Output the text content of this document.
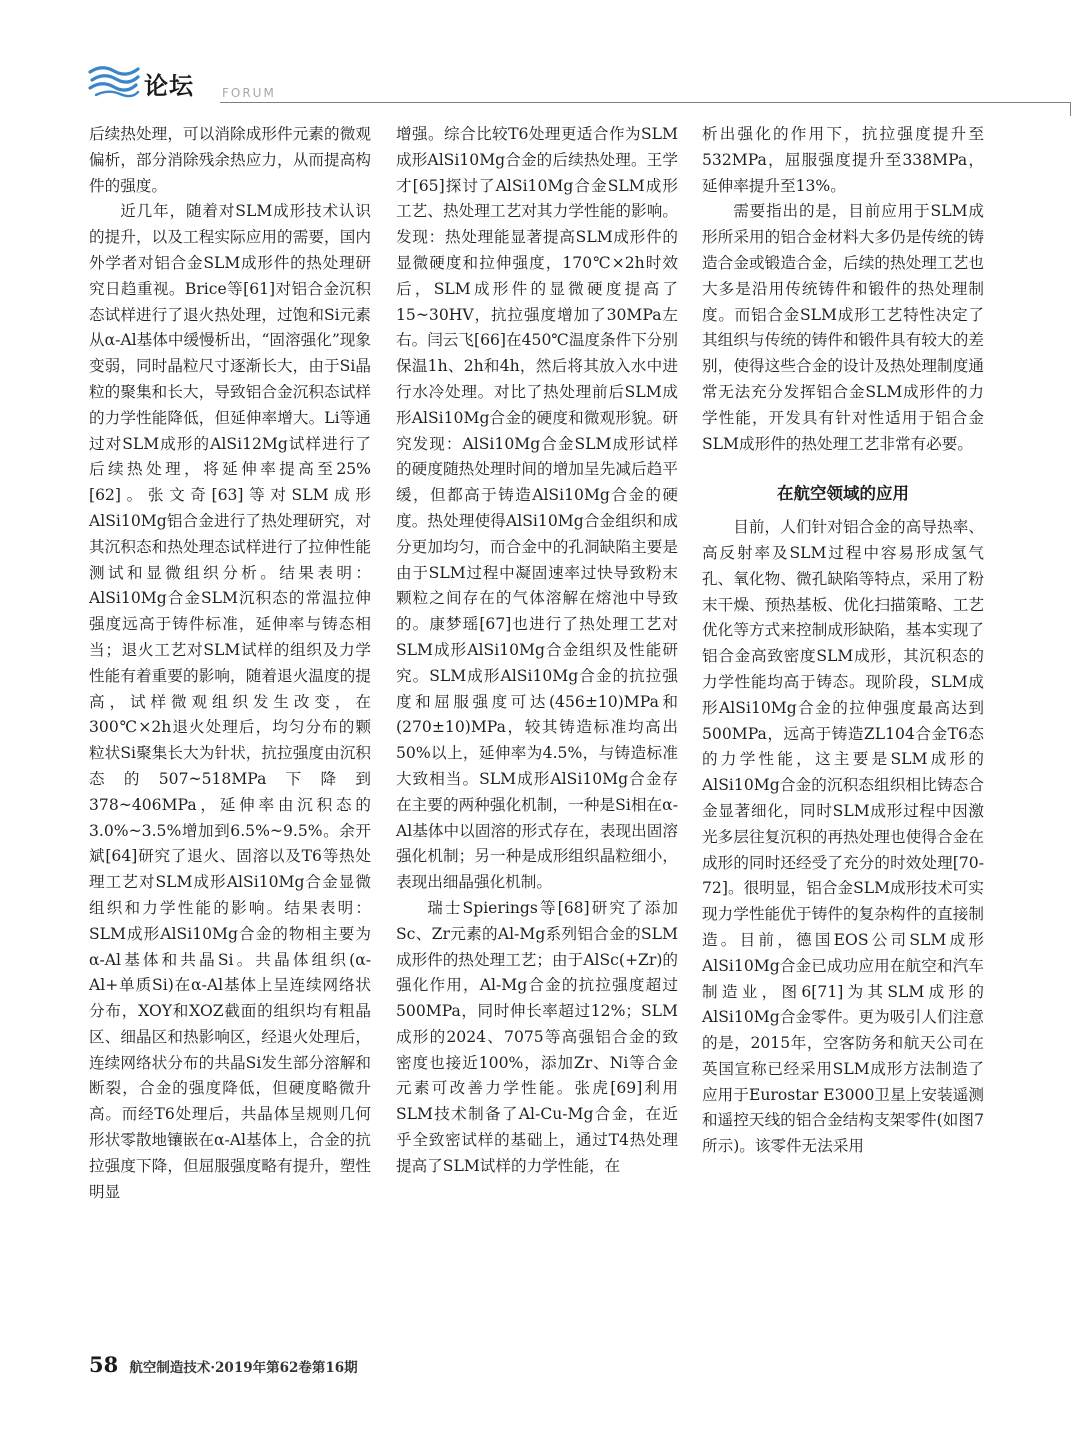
论坛 FORUM

后续热处理，可以消除成形件元素的微观偏析，部分消除残余热应力，从而提高构件的强度。

近几年，随着对SLM成形技术认识的提升，以及工程实际应用的需要，国内外学者对铝合金SLM成形件的热处理研究日趋重视。Brice等[61]对铝合金沉积态试样进行了退火热处理，过饱和Si元素从α-Al基体中缓慢析出，“固溶强化”现象变弱，同时晶粒尺寸逐渐长大，由于Si晶粒的聚集和长大，导致铝合金沉积态试样的力学性能降低，但延伸率增大。Li等通过对SLM成形的AlSi12Mg试样进行了后续热处理，将延伸率提高至25%[62]。张文奇[63]等对SLM成形AlSi10Mg铝合金进行了热处理研究，对其沉积态和热处理态试样进行了拉伸性能测试和显微组织分析。结果表明：AlSi10Mg合金SLM沉积态的常温拉伸强度远高于铸件标准，延伸率与铸态相当；退火工艺对SLM试样的组织及力学性能有着重要的影响，随着退火温度的提高，试样微观组织发生改变，在300℃×2h退火处理后，均匀分布的颗粒状Si聚集长大为针状，抗拉强度由沉积态的507~518MPa下降到378~406MPa，延伸率由沉积态的3.0%~3.5%增加到6.5%~9.5%。余开斌[64]研究了退火、固溶以及T6等热处理工艺对SLM成形AlSi10Mg合金显微组织和力学性能的影响。结果表明：SLM成形AlSi10Mg合金的物相主要为α-Al基体和共晶Si。共晶体组织(α-Al+单质Si)在α-Al基体上呈连续网络状分布，XOY和XOZ截面的组织均有粗晶区、细晶区和热影响区，经退火处理后，连续网络状分布的共晶Si发生部分溶解和断裂，合金的强度降低，但硬度略微升高。而经T6处理后，共晶体呈规则几何形状零散地镶嵌在α-Al基体上，合金的抗拉强度下降，但屈服强度略有提升，塑性明显

增强。综合比较T6处理更适合作为SLM成形AlSi10Mg合金的后续热处理。王学才[65]探讨了AlSi10Mg合金SLM成形工艺、热处理工艺对其力学性能的影响。发现：热处理能显著提高SLM成形件的显微硬度和拉伸强度，170℃×2h时效后，SLM成形件的显微硬度提高了15~30HV，抗拉强度增加了30MPa左右。闫云飞[66]在450℃温度条件下分别保温1h、2h和4h，然后将其放入水中进行水冷处理。对比了热处理前后SLM成形AlSi10Mg合金的硬度和微观形貌。研究发现：AlSi10Mg合金SLM成形试样的硬度随热处理时间的增加呈先减后趋平缓，但都高于铸造AlSi10Mg合金的硬度。热处理使得AlSi10Mg合金组织和成分更加均匀，而合金中的孔洞缺陷主要是由于SLM过程中凝固速率过快导致粉末颗粒之间存在的气体溶解在熔池中导致的。康梦瑶[67]也进行了热处理工艺对SLM成形AlSi10Mg合金组织及性能研究。SLM成形AlSi10Mg合金的抗拉强度和屈服强度可达(456±10)MPa和(270±10)MPa，较其铸造标准均高出50%以上，延伸率为4.5%，与铸造标准大致相当。SLM成形AlSi10Mg合金存在主要的两种强化机制，一种是Si相在α-Al基体中以固溶的形式存在，表现出固溶强化机制；另一种是成形组织晶粒细小，表现出细晶强化机制。

瑞士Spierings等[68]研究了添加Sc、Zr元素的Al-Mg系列铝合金的SLM成形件的热处理工艺；由于AlSc(+Zr)的强化作用，Al-Mg合金的抗拉强度超过500MPa，同时伸长率超过12%；SLM成形的2024、7075等高强铝合金的致密度也接近100%，添加Zr、Ni等合金元素可改善力学性能。张虎[69]利用SLM技术制备了Al-Cu-Mg合金，在近乎全致密试样的基础上，通过T4热处理提高了SLM试样的力学性能，在

析出强化的作用下，抗拉强度提升至532MPa，屈服强度提升至338MPa，延伸率提升至13%。

需要指出的是，目前应用于SLM成形所采用的铝合金材料大多仍是传统的铸造合金或锻造合金，后续的热处理工艺也大多是沿用传统铸件和锻件的热处理制度。而铝合金SLM成形工艺特性决定了其组织与传统的铸件和锻件具有较大的差别，使得这些合金的设计及热处理制度通常无法充分发挥铝合金SLM成形件的力学性能，开发具有针对性适用于铝合金SLM成形件的热处理工艺非常有必要。

在航空领域的应用

目前，人们针对铝合金的高导热率、高反射率及SLM过程中容易形成氢气孔、氧化物、微孔缺陷等特点，采用了粉末干燥、预热基板、优化扫描策略、工艺优化等方式来控制成形缺陷，基本实现了铝合金高致密度SLM成形，其沉积态的力学性能均高于铸态。现阶段，SLM成形AlSi10Mg合金的拉伸强度最高达到500MPa，远高于铸造ZL104合金T6态的力学性能，这主要是SLM成形的AlSi10Mg合金的沉积态组织相比铸态合金显著细化，同时SLM成形过程中因激光多层往复沉积的再热处理也使得合金在成形的同时还经受了充分的时效处理[70-72]。很明显，铝合金SLM成形技术可实现力学性能优于铸件的复杂构件的直接制造。目前，德国EOS公司SLM成形AlSi10Mg合金已成功应用在航空和汽车制造业，图6[71]为其SLM成形的AlSi10Mg合金零件。更为吸引人们注意的是，2015年，空客防务和航天公司在英国宣称已经采用SLM成形方法制造了应用于Eurostar E3000卫星上安装遥测和遥控天线的铝合金结构支架零件(如图7所示)。该零件无法采用

58 航空制造技术·2019年第62卷第16期
